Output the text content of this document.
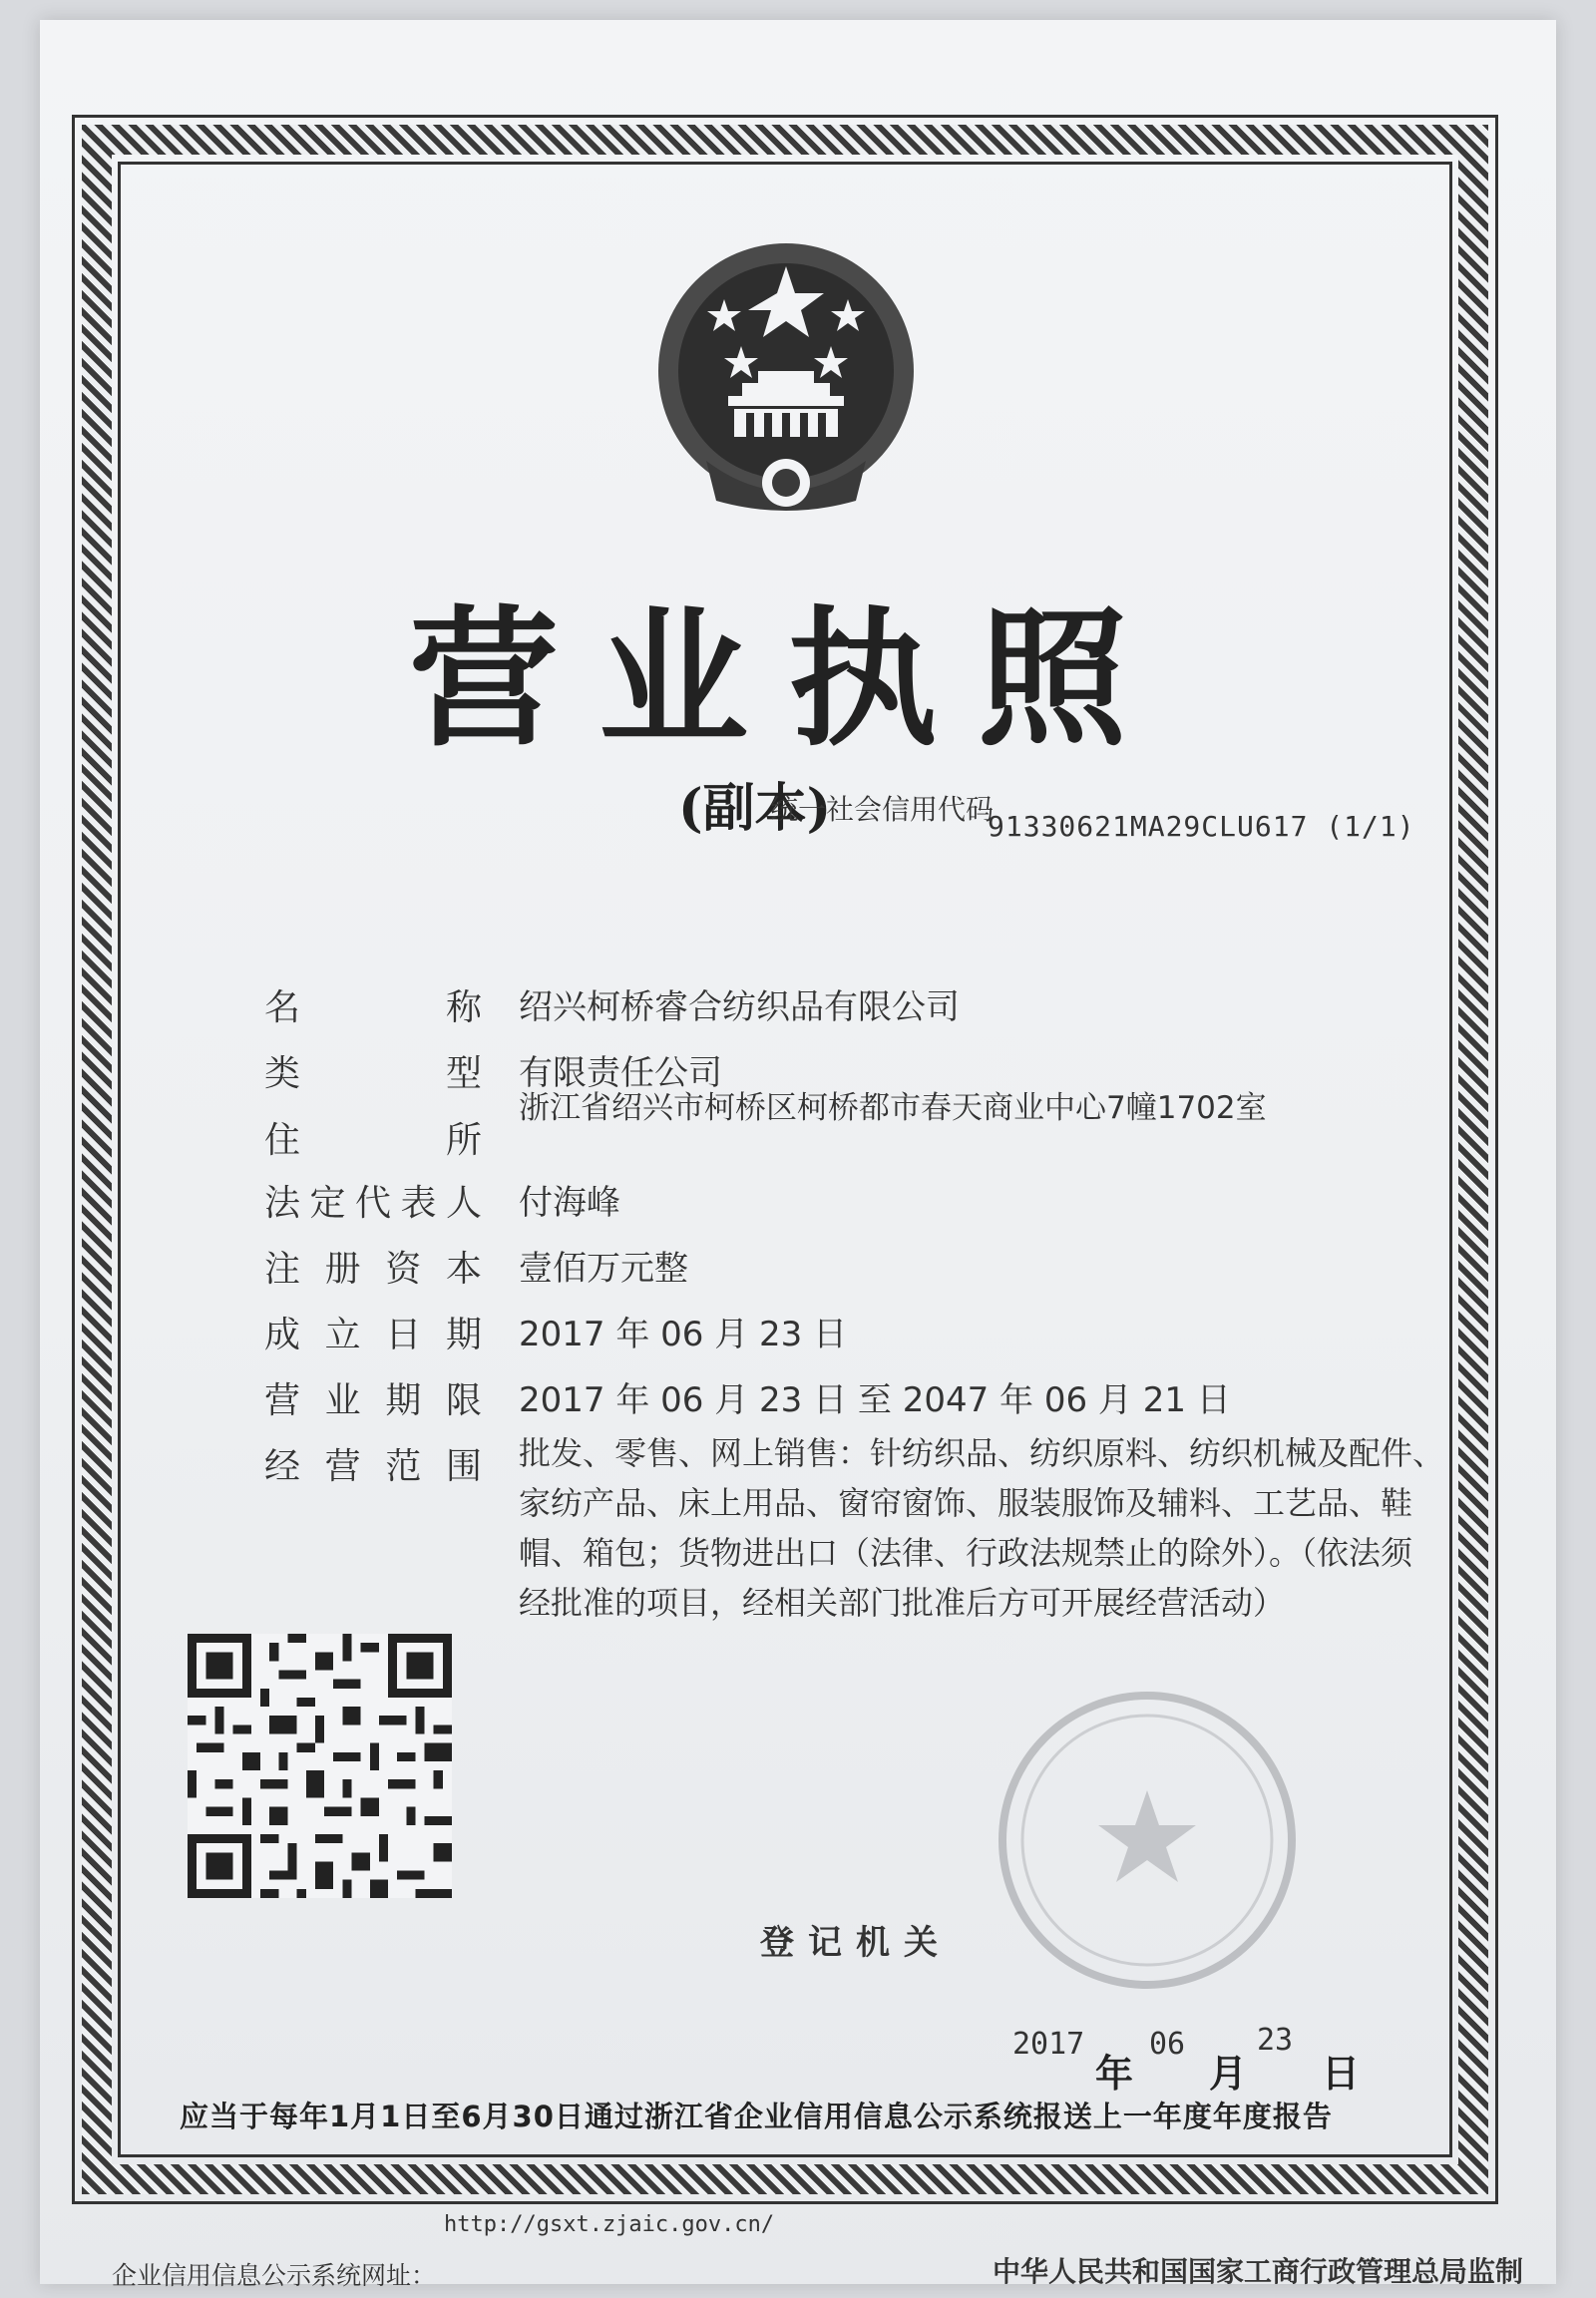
营业执照
(副本)
统一社会信用代码
91330621MA29CLU617 (1/1)
名称 绍兴柯桥睿合纺织品有限公司
类型 有限责任公司
住所
浙江省绍兴市柯桥区柯桥都市春天商业中心7幢1702室
法定代表人 付海峰
注册资本 壹佰万元整
成立日期 2017 年 06 月 23 日
营业期限 2017 年 06 月 23 日 至 2047 年 06 月 21 日
经营范围 批发、零售、网上销售：针纺织品、纺织原料、纺织机械及配件、
家纺产品、床上用品、窗帘窗饰、服装服饰及辅料、工艺品、鞋
帽、箱包；货物进出口（法律、行政法规禁止的除外）。（依法须
经批准的项目，经相关部门批准后方可开展经营活动）
登记机关
2017
年
06
月
23
日
应当于每年1月1日至6月30日通过浙江省企业信用信息公示系统报送上一年度年度报告
http://gsxt.zjaic.gov.cn/
企业信用信息公示系统网址：	中华人民共和国国家工商行政管理总局监制
